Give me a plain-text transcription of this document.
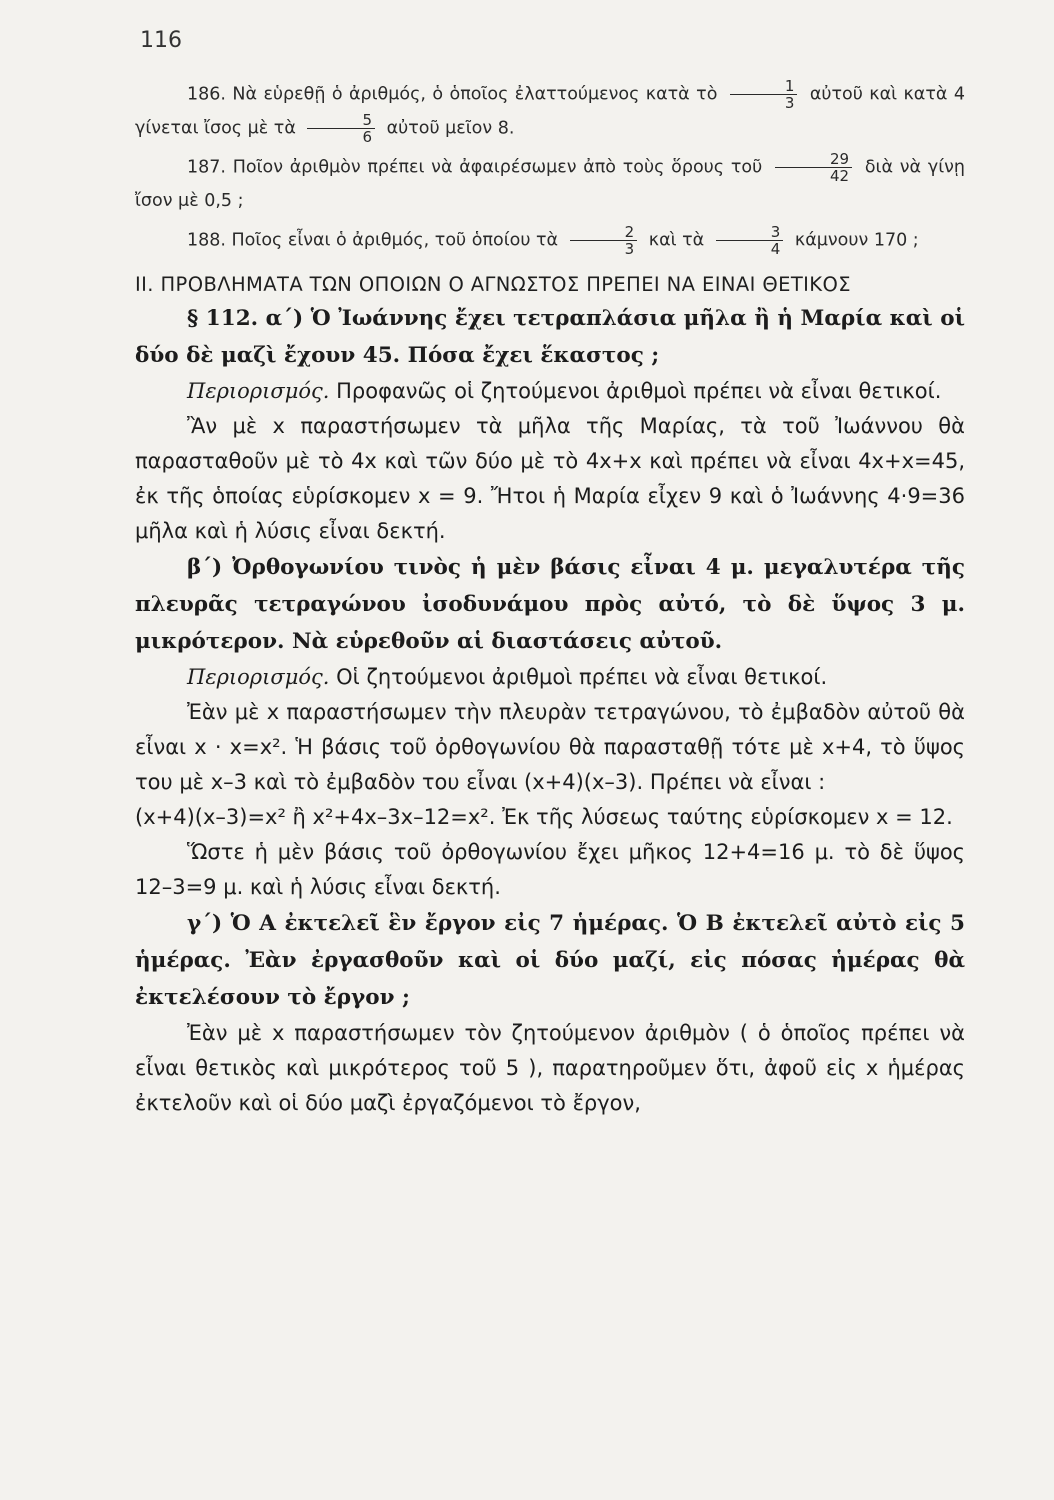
116

186. Νὰ εὑρεθῇ ὁ ἀριθμός, ὁ ὁποῖος ἐλαττούμενος κατὰ τὸ $\frac{1}{3}$ αὐτοῦ καὶ κατὰ 4 γίνεται ἴσος μὲ τὰ $\frac{5}{6}$ αὐτοῦ μεῖον 8.

187. Ποῖον ἀριθμὸν πρέπει νὰ ἀφαιρέσωμεν ἀπὸ τοὺς ὅρους τοῦ $\frac{29}{42}$ διὰ νὰ γίνῃ ἴσον μὲ 0,5 ;

188. Ποῖος εἶναι ὁ ἀριθμός, τοῦ ὁποίου τὰ $\frac{2}{3}$ καὶ τὰ $\frac{3}{4}$ κάμνουν 170 ;

ΙΙ. ΠΡΟΒΛΗΜΑΤΑ ΤΩΝ ΟΠΟΙΩΝ Ο ΑΓΝΩΣΤΟΣ ΠΡΕΠΕΙ ΝΑ ΕΙΝΑΙ ΘΕΤΙΚΟΣ

§ 112. α΄) Ὁ Ἰωάννης ἔχει τετραπλάσια μῆλα ἢ ἡ Μαρία καὶ οἱ δύο δὲ μαζὶ ἔχουν 45. Πόσα ἔχει ἕκαστος ;

Περιορισμός. Προφανῶς οἱ ζητούμενοι ἀριθμοὶ πρέπει νὰ εἶναι θετικοί.

Ἂν μὲ x παραστήσωμεν τὰ μῆλα τῆς Μαρίας, τὰ τοῦ Ἰωάννου θὰ παρασταθοῦν μὲ τὸ 4x καὶ τῶν δύο μὲ τὸ 4x+x καὶ πρέπει νὰ εἶναι 4x+x=45, ἐκ τῆς ὁποίας εὑρίσκομεν x = 9. Ἤτοι ἡ Μαρία εἶχεν 9 καὶ ὁ Ἰωάννης 4·9=36 μῆλα καὶ ἡ λύσις εἶναι δεκτή.

β΄) Ὀρθογωνίου τινὸς ἡ μὲν βάσις εἶναι 4 μ. μεγαλυτέρα τῆς πλευρᾶς τετραγώνου ἰσοδυνάμου πρὸς αὐτό, τὸ δὲ ὕψος 3 μ. μικρότερον. Νὰ εὑρεθοῦν αἱ διαστάσεις αὐτοῦ.

Περιορισμός. Οἱ ζητούμενοι ἀριθμοὶ πρέπει νὰ εἶναι θετικοί.

Ἐὰν μὲ x παραστήσωμεν τὴν πλευρὰν τετραγώνου, τὸ ἐμβαδὸν αὐτοῦ θὰ εἶναι x · x=x². Ἡ βάσις τοῦ ὀρθογωνίου θὰ παρασταθῇ τότε μὲ x+4, τὸ ὕψος του μὲ x–3 καὶ τὸ ἐμβαδὸν του εἶναι (x+4)(x–3). Πρέπει νὰ εἶναι :

(x+4)(x–3)=x² ἢ x²+4x–3x–12=x². Ἐκ τῆς λύσεως ταύτης εὑρίσκομεν x = 12.

Ὥστε ἡ μὲν βάσις τοῦ ὀρθογωνίου ἔχει μῆκος 12+4=16 μ. τὸ δὲ ὕψος 12–3=9 μ. καὶ ἡ λύσις εἶναι δεκτή.

γ΄) Ὁ Α ἐκτελεῖ ἓν ἔργον εἰς 7 ἡμέρας. Ὁ Β ἐκτελεῖ αὐτὸ εἰς 5 ἡμέρας. Ἐὰν ἐργασθοῦν καὶ οἱ δύο μαζί, εἰς πόσας ἡμέρας θὰ ἐκτελέσουν τὸ ἔργον ;

Ἐὰν μὲ x παραστήσωμεν τὸν ζητούμενον ἀριθμὸν ( ὁ ὁποῖος πρέπει νὰ εἶναι θετικὸς καὶ μικρότερος τοῦ 5 ), παρατηροῦμεν ὅτι, ἀφοῦ εἰς x ἡμέρας ἐκτελοῦν καὶ οἱ δύο μαζὶ ἐργαζόμενοι τὸ ἔργον,
